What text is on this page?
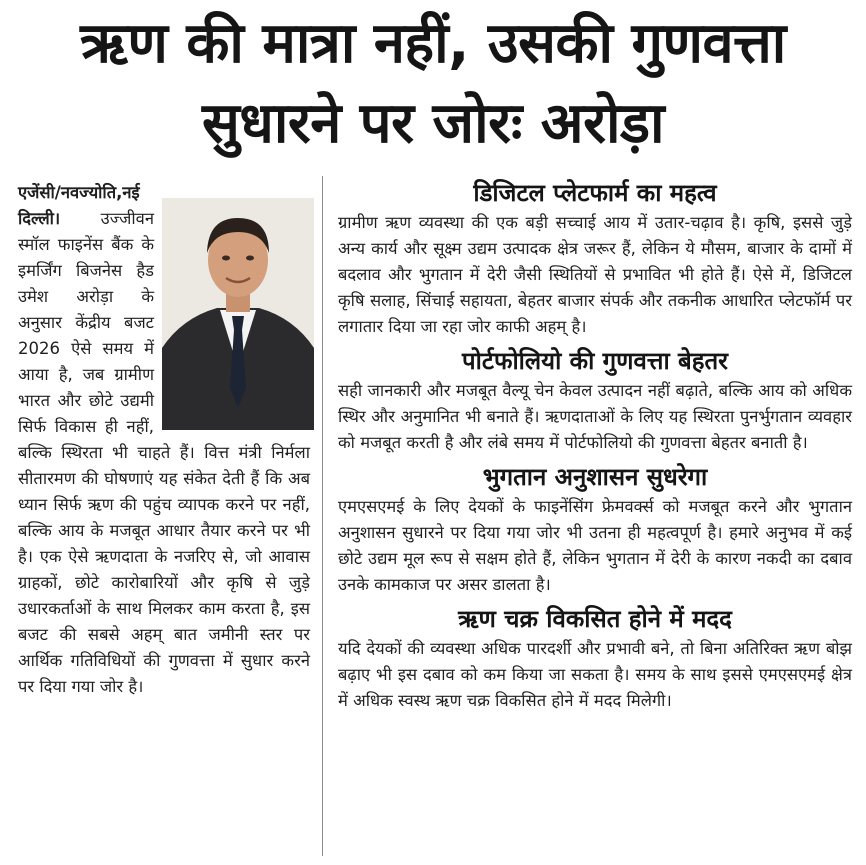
ऋण की मात्रा नहीं, उसकी गुणवत्ता
सुधारने पर जोरः अरोड़ा

एजेंसी/नवज्योति,नई दिल्ली। उज्जीवन स्मॉल फाइनेंस बैंक के इमर्जिंग बिजनेस हैड उमेश अरोड़ा के अनुसार केंद्रीय बजट 2026 ऐसे समय में आया है, जब ग्रामीण भारत और छोटे उद्यमी सिर्फ विकास ही नहीं, बल्कि स्थिरता भी चाहते हैं। वित्त मंत्री निर्मला सीतारमण की घोषणाएं यह संकेत देती हैं कि अब ध्यान सिर्फ ऋण की पहुंच व्यापक करने पर नहीं, बल्कि आय के मजबूत आधार तैयार करने पर भी है। एक ऐसे ऋणदाता के नजरिए से, जो आवास ग्राहकों, छोटे कारोबारियों और कृषि से जुड़े उधारकर्ताओं के साथ मिलकर काम करता है, इस बजट की सबसे अहम् बात जमीनी स्तर पर आर्थिक गतिविधियों की गुणवत्ता में सुधार करने पर दिया गया जोर है।

डिजिटल प्लेटफार्म का महत्व

ग्रामीण ऋण व्यवस्था की एक बड़ी सच्चाई आय में उतार-चढ़ाव है। कृषि, इससे जुड़े अन्य कार्य और सूक्ष्म उद्यम उत्पादक क्षेत्र जरूर हैं, लेकिन ये मौसम, बाजार के दामों में बदलाव और भुगतान में देरी जैसी स्थितियों से प्रभावित भी होते हैं। ऐसे में, डिजिटल कृषि सलाह, सिंचाई सहायता, बेहतर बाजार संपर्क और तकनीक आधारित प्लेटफॉर्म पर लगातार दिया जा रहा जोर काफी अहम् है।

पोर्टफोलियो की गुणवत्ता बेहतर

सही जानकारी और मजबूत वैल्यू चेन केवल उत्पादन नहीं बढ़ाते, बल्कि आय को अधिक स्थिर और अनुमानित भी बनाते हैं। ऋणदाताओं के लिए यह स्थिरता पुनर्भुगतान व्यवहार को मजबूत करती है और लंबे समय में पोर्टफोलियो की गुणवत्ता बेहतर बनाती है।

भुगतान अनुशासन सुधरेगा

एमएसएमई के लिए देयकों के फाइनेंसिंग फ्रेमवर्क्स को मजबूत करने और भुगतान अनुशासन सुधारने पर दिया गया जोर भी उतना ही महत्वपूर्ण है। हमारे अनुभव में कई छोटे उद्यम मूल रूप से सक्षम होते हैं, लेकिन भुगतान में देरी के कारण नकदी का दबाव उनके कामकाज पर असर डालता है।

ऋण चक्र विकसित होने में मदद

यदि देयकों की व्यवस्था अधिक पारदर्शी और प्रभावी बने, तो बिना अतिरिक्त ऋण बोझ बढ़ाए भी इस दबाव को कम किया जा सकता है। समय के साथ इससे एमएसएमई क्षेत्र में अधिक स्वस्थ ऋण चक्र विकसित होने में मदद मिलेगी।
